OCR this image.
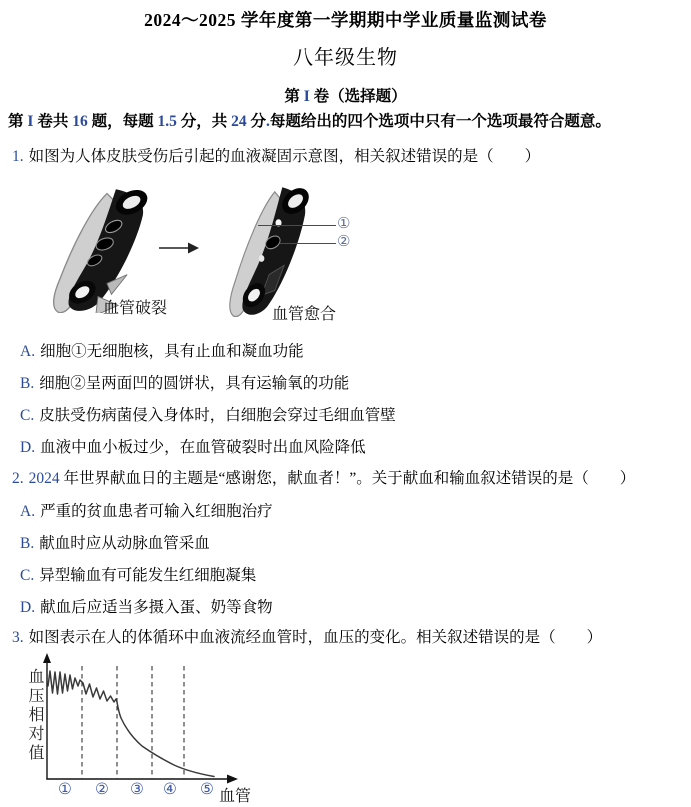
2024～2025 学年度第一学期期中学业质量监测试卷
八年级生物
第 I 卷（选择题）
第 I 卷共 16 题，每题 1.5 分，共 24 分.每题给出的四个选项中只有一个选项最符合题意。
1. 如图为人体皮肤受伤后引起的血液凝固示意图，相关叙述错误的是（　　）
①
②
血管破裂	血管愈合
A. 细胞①无细胞核，具有止血和凝血功能
B. 细胞②呈两面凹的圆饼状，具有运输氧的功能
C. 皮肤受伤病菌侵入身体时，白细胞会穿过毛细血管壁
D. 血液中血小板过少，在血管破裂时出血风险降低
2. 2024 年世界献血日的主题是“感谢您，献血者！”。关于献血和输血叙述错误的是（　　）
A. 严重的贫血患者可输入红细胞治疗
B. 献血时应从动脉血管采血
C. 异型输血有可能发生红细胞凝集
D. 献血后应适当多摄入蛋、奶等食物
3. 如图表示在人的体循环中血液流经血管时，血压的变化。相关叙述错误的是（　　）
血压相对值
① ② ③ ④ ⑤ 血管
